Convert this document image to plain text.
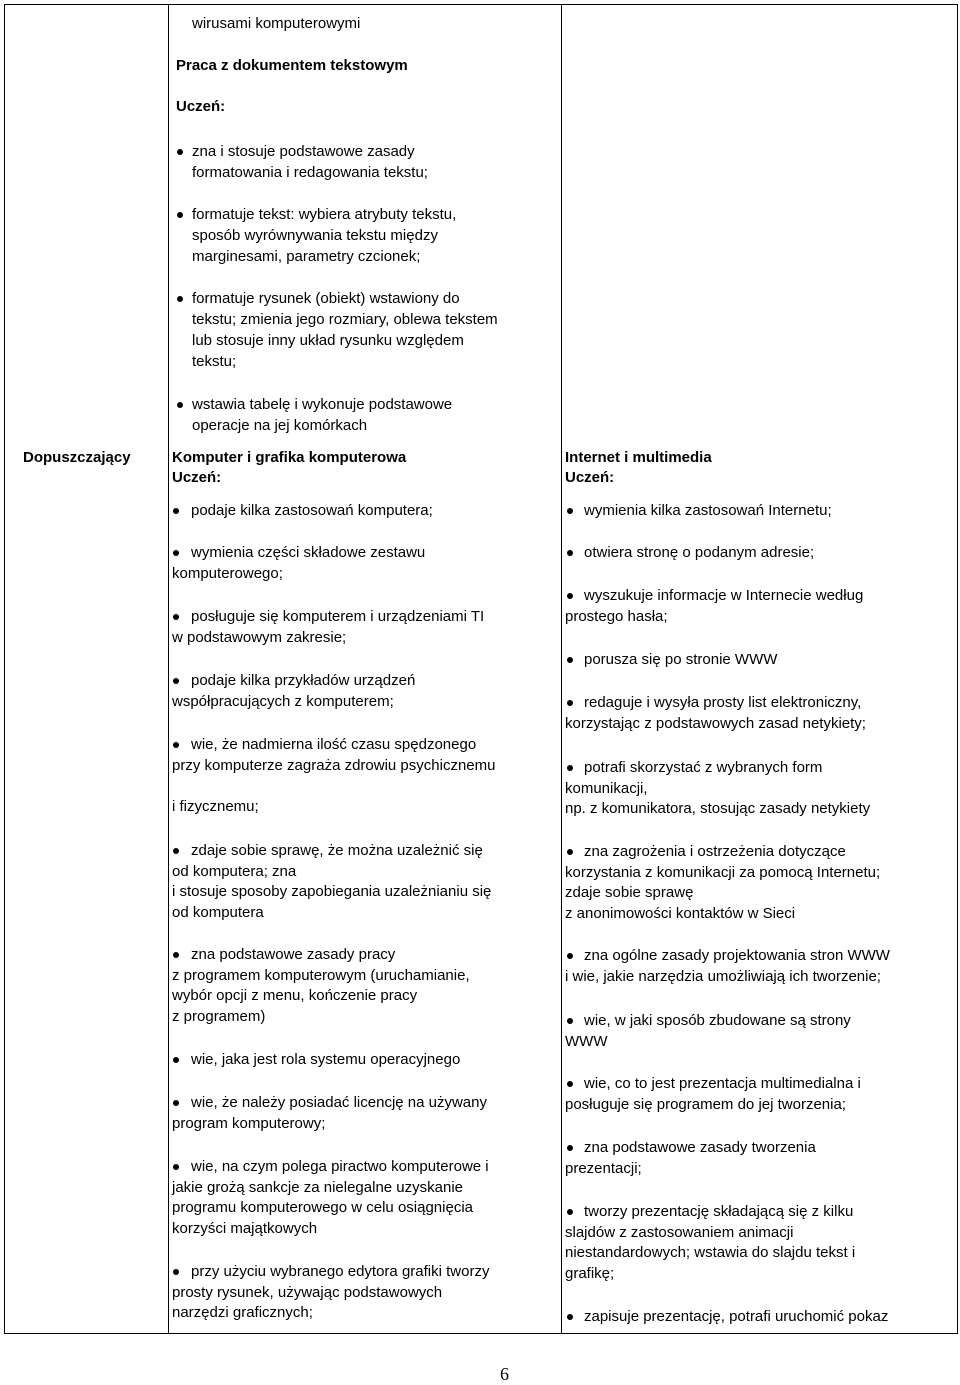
Dopuszczający
6
wirusami komputerowymi
Praca z dokumentem tekstowym
Uczeń:
zna i stosuje podstawowe zasady
formatowania i redagowania tekstu;
formatuje tekst: wybiera atrybuty tekstu,
sposób wyrównywania tekstu między
marginesami, parametry czcionek;
formatuje rysunek (obiekt) wstawiony do
tekstu; zmienia jego rozmiary, oblewa tekstem
lub stosuje inny układ rysunku względem
tekstu;
wstawia tabelę i wykonuje podstawowe
operacje na jej komórkach
Komputer i grafika komputerowa
Uczeń:
podaje kilka zastosowań komputera;
wymienia części składowe zestawu
komputerowego;
posługuje się komputerem i urządzeniami TI
w podstawowym zakresie;
podaje kilka przykładów urządzeń
współpracujących z komputerem;
wie, że nadmierna ilość czasu spędzonego
przy komputerze zagraża zdrowiu psychicznemu
i fizycznemu;
zdaje sobie sprawę, że można uzależnić się
od komputera; zna
i stosuje sposoby zapobiegania uzależnianiu się
od komputera
zna podstawowe zasady pracy
z programem komputerowym (uruchamianie,
wybór opcji z menu, kończenie pracy
z programem)
wie, jaka jest rola systemu operacyjnego
wie, że należy posiadać licencję na używany
program komputerowy;
wie, na czym polega piractwo komputerowe i
jakie grożą sankcje za nielegalne uzyskanie
programu komputerowego w celu osiągnięcia
korzyści majątkowych
przy użyciu wybranego edytora grafiki tworzy
prosty rysunek, używając podstawowych
narzędzi graficznych;
Internet i multimedia
Uczeń:
wymienia kilka zastosowań Internetu;
otwiera stronę o podanym adresie;
wyszukuje informacje w Internecie według
prostego hasła;
porusza się po stronie WWW
redaguje i wysyła prosty list elektroniczny,
korzystając z podstawowych zasad netykiety;
potrafi skorzystać z wybranych form
komunikacji,
np. z komunikatora, stosując zasady netykiety
zna zagrożenia i ostrzeżenia dotyczące
korzystania z komunikacji za pomocą Internetu;
zdaje sobie sprawę
z anonimowości kontaktów w Sieci
zna ogólne zasady projektowania stron WWW
i wie, jakie narzędzia umożliwiają ich tworzenie;
wie, w jaki sposób zbudowane są strony
WWW
wie, co to jest prezentacja multimedialna i
posługuje się programem do jej tworzenia;
zna podstawowe zasady tworzenia
prezentacji;
tworzy prezentację składającą się z kilku
slajdów z zastosowaniem animacji
niestandardowych; wstawia do slajdu tekst i
grafikę;
zapisuje prezentację, potrafi uruchomić pokaz
